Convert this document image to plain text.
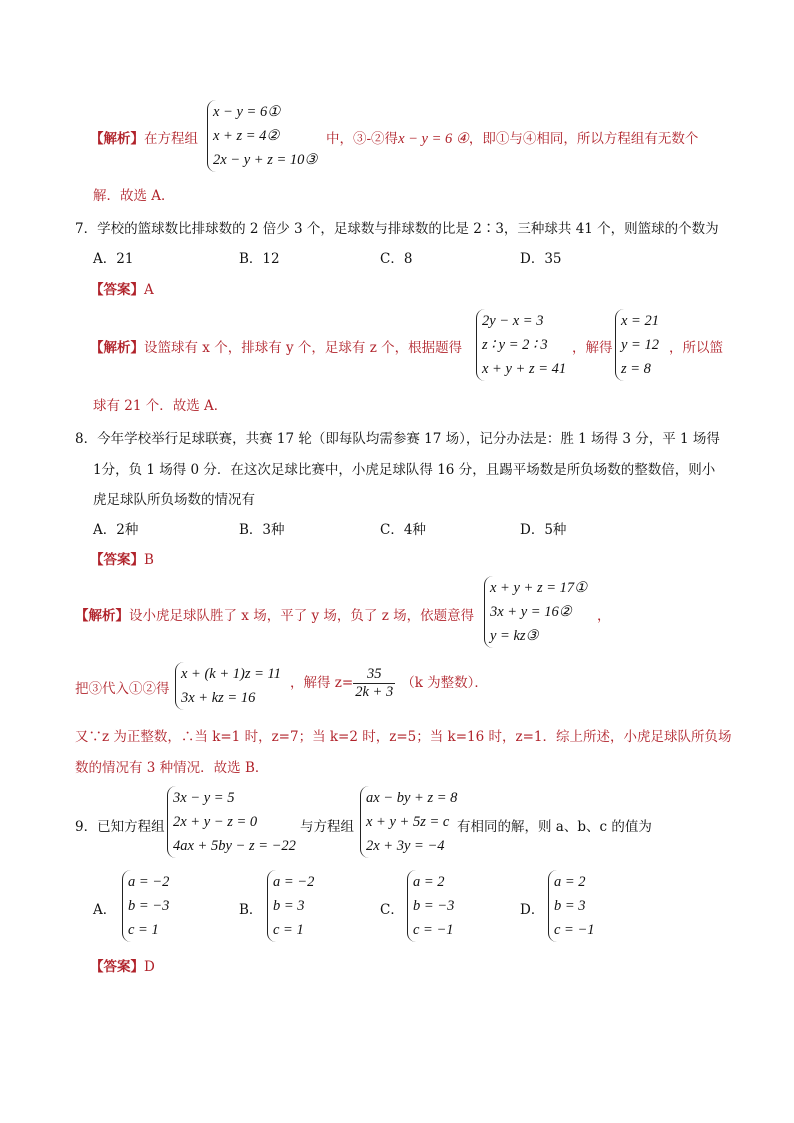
【解析】在方程组
x − y = 6①
x + z = 4②
2x − y + z = 10③
中，③-②得x − y = 6 ④，即①与④相同，所以方程组有无数个
解．故选 A．
7．学校的篮球数比排球数的 2 倍少 3 个，足球数与排球数的比是 2∶3，三种球共 41 个，则篮球的个数为
A．21	B．12	C．8	D．35
【答案】A
【解析】设篮球有 x 个，排球有 y 个，足球有 z 个，根据题得
2y − x = 3
z ∶ y = 2 ∶ 3
x + y + z = 41
，解得
x = 21
y = 12
z = 8
，所以篮
球有 21 个．故选 A．
8．今年学校举行足球联赛，共赛 17 轮（即每队均需参赛 17 场），记分办法是：胜 1 场得 3 分，平 1 场得
1分，负 1 场得 0 分．在这次足球比赛中，小虎足球队得 16 分，且踢平场数是所负场数的整数倍，则小
虎足球队所负场数的情况有
A．2种	B．3种	C．4种	D．5种
【答案】B
【解析】设小虎足球队胜了 x 场，平了 y 场，负了 z 场，依题意得
x + y + z = 17①
3x + y = 16②
y = kz③
，
把③代入①②得
x + (k + 1)z = 11
3x + kz = 16
，解得 $z= \frac{35}{2k + 3} (k$ 为整数）．
又∵z 为正整数，∴当 k=1 时，z=7；当 k=2 时，z=5；当 k=16 时，z=1．综上所述，小虎足球队所负场
数的情况有 3 种情况．故选 B．
9．已知方程组
3x − y = 5
2x + y − z = 0
4ax + 5by − z = −22
与方程组
ax − by + z = 8
x + y + 5z = c
2x + 3y = −4
有相同的解，则 a、b、c 的值为
A．
a = −2
b = −3
c = 1
B．
a = −2
b = 3
c = 1
C．
a = 2
b = −3
c = −1
D．
a = 2
b = 3
c = −1
【答案】D
